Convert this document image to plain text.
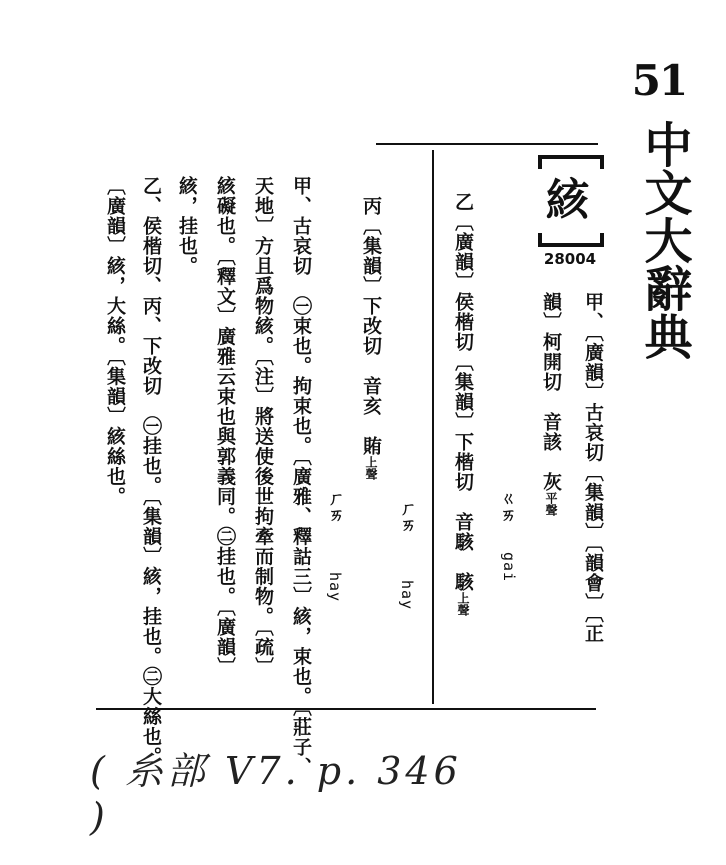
51
中文大辭典
絯
28004
甲、〔廣韻〕古哀切〔集韻〕〔韻會〕〔正
韻〕柯開切　音該　灰平聲
ㄍㄞ
gai
乙〔廣韻〕侯楷切〔集韻〕下楷切　音駭　駭上聲
ㄏㄞ
hay
丙〔集韻〕下改切　音亥　賄上聲
ㄏㄞ
hay
甲、古哀切　㊀束也。拘束也。〔廣雅、釋詁三〕絯，束也。〔莊子、
天地〕方且爲物絯。〔注〕將送使後世拘牽而制物。〔疏〕
絯礙也。〔釋文〕廣雅云束也與郭義同。㊁挂也。〔廣韻〕
絯，挂也。
乙、侯楷切、丙、下改切　㊀挂也。〔集韻〕絯，挂也。㊁大絲也。
〔廣韻〕絯，大絲。〔集韻〕絯絲也。
( 糸部 V7. p. 346 )
